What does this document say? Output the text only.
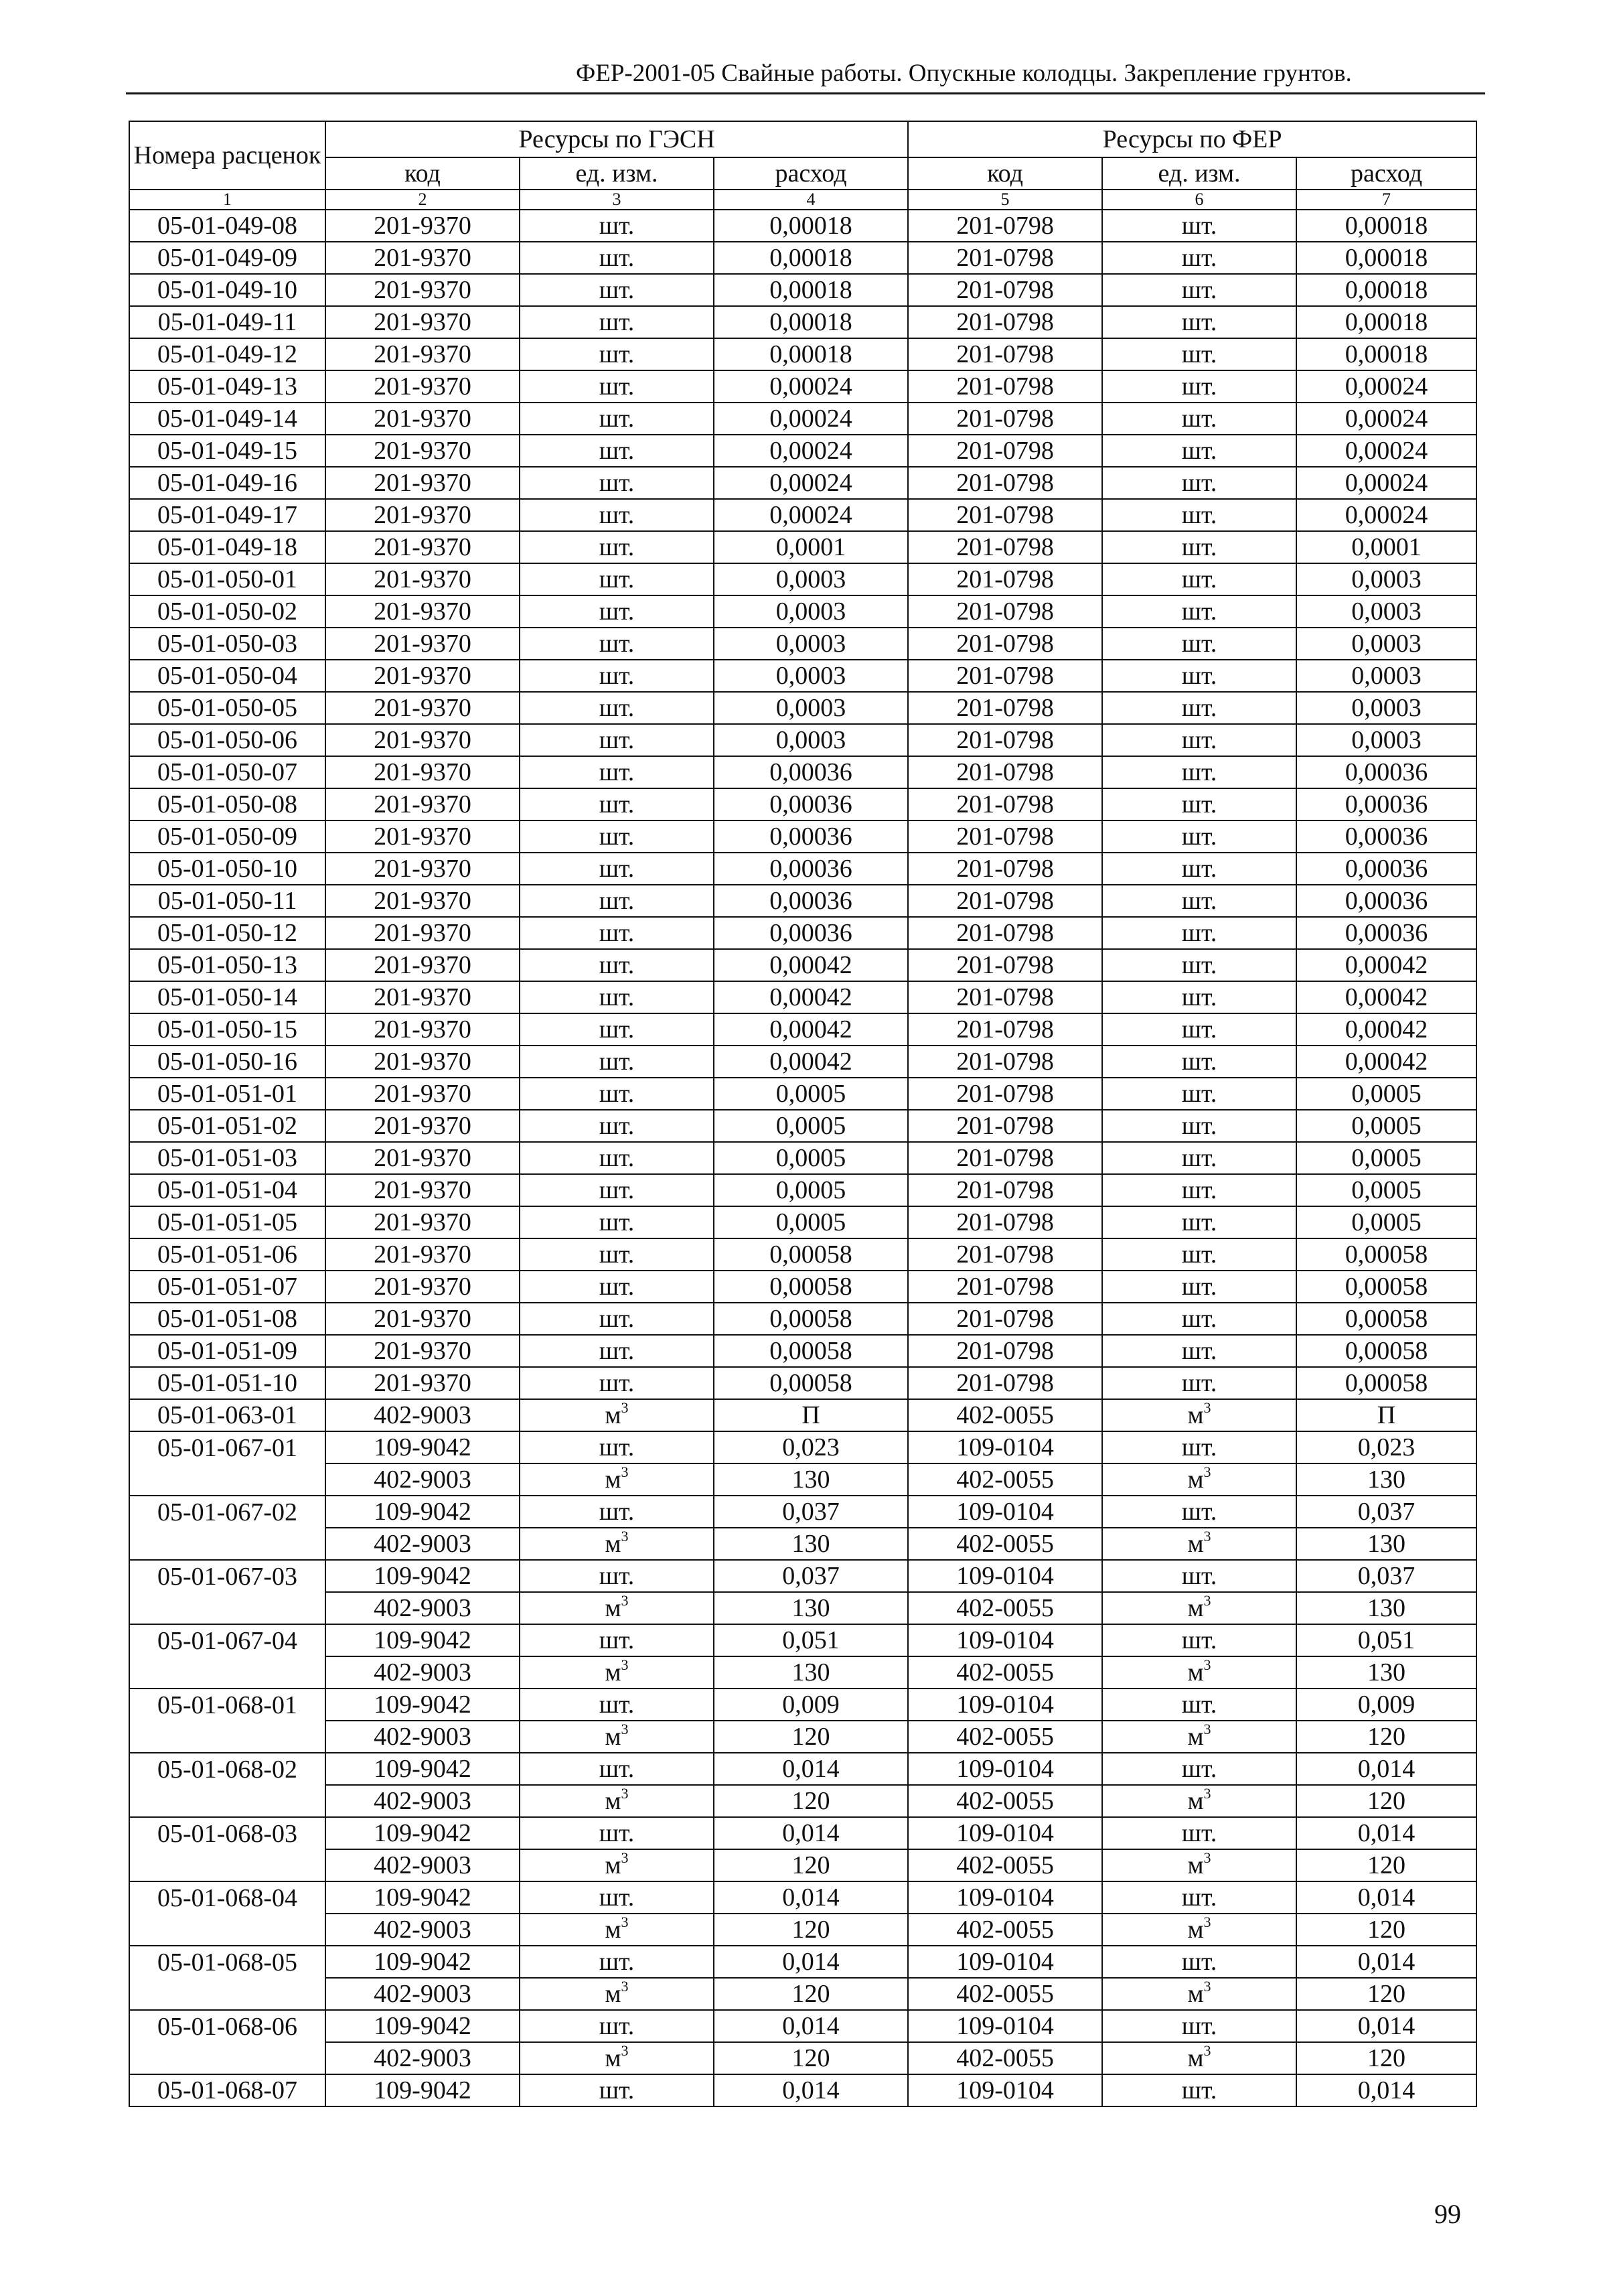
ФЕР-2001-05 Свайные работы. Опускные колодцы. Закрепление грунтов.
Номера расценок	Ресурсы по ГЭСН			Ресурсы по ФЕР		
	код	ед. изм.	расход	код	ед. изм.	расход
1	2	3	4	5	6	7
05-01-049-08	201-9370	шт.	0,00018	201-0798	шт.	0,00018
05-01-049-09	201-9370	шт.	0,00018	201-0798	шт.	0,00018
05-01-049-10	201-9370	шт.	0,00018	201-0798	шт.	0,00018
05-01-049-11	201-9370	шт.	0,00018	201-0798	шт.	0,00018
05-01-049-12	201-9370	шт.	0,00018	201-0798	шт.	0,00018
05-01-049-13	201-9370	шт.	0,00024	201-0798	шт.	0,00024
05-01-049-14	201-9370	шт.	0,00024	201-0798	шт.	0,00024
05-01-049-15	201-9370	шт.	0,00024	201-0798	шт.	0,00024
05-01-049-16	201-9370	шт.	0,00024	201-0798	шт.	0,00024
05-01-049-17	201-9370	шт.	0,00024	201-0798	шт.	0,00024
05-01-049-18	201-9370	шт.	0,0001	201-0798	шт.	0,0001
05-01-050-01	201-9370	шт.	0,0003	201-0798	шт.	0,0003
05-01-050-02	201-9370	шт.	0,0003	201-0798	шт.	0,0003
05-01-050-03	201-9370	шт.	0,0003	201-0798	шт.	0,0003
05-01-050-04	201-9370	шт.	0,0003	201-0798	шт.	0,0003
05-01-050-05	201-9370	шт.	0,0003	201-0798	шт.	0,0003
05-01-050-06	201-9370	шт.	0,0003	201-0798	шт.	0,0003
05-01-050-07	201-9370	шт.	0,00036	201-0798	шт.	0,00036
05-01-050-08	201-9370	шт.	0,00036	201-0798	шт.	0,00036
05-01-050-09	201-9370	шт.	0,00036	201-0798	шт.	0,00036
05-01-050-10	201-9370	шт.	0,00036	201-0798	шт.	0,00036
05-01-050-11	201-9370	шт.	0,00036	201-0798	шт.	0,00036
05-01-050-12	201-9370	шт.	0,00036	201-0798	шт.	0,00036
05-01-050-13	201-9370	шт.	0,00042	201-0798	шт.	0,00042
05-01-050-14	201-9370	шт.	0,00042	201-0798	шт.	0,00042
05-01-050-15	201-9370	шт.	0,00042	201-0798	шт.	0,00042
05-01-050-16	201-9370	шт.	0,00042	201-0798	шт.	0,00042
05-01-051-01	201-9370	шт.	0,0005	201-0798	шт.	0,0005
05-01-051-02	201-9370	шт.	0,0005	201-0798	шт.	0,0005
05-01-051-03	201-9370	шт.	0,0005	201-0798	шт.	0,0005
05-01-051-04	201-9370	шт.	0,0005	201-0798	шт.	0,0005
05-01-051-05	201-9370	шт.	0,0005	201-0798	шт.	0,0005
05-01-051-06	201-9370	шт.	0,00058	201-0798	шт.	0,00058
05-01-051-07	201-9370	шт.	0,00058	201-0798	шт.	0,00058
05-01-051-08	201-9370	шт.	0,00058	201-0798	шт.	0,00058
05-01-051-09	201-9370	шт.	0,00058	201-0798	шт.	0,00058
05-01-051-10	201-9370	шт.	0,00058	201-0798	шт.	0,00058
05-01-063-01	402-9003	$м^3$	П	402-0055	$м^3$	П
05-01-067-01	109-9042	шт.	0,023	109-0104	шт.	0,023
	402-9003	$м^3$	130	402-0055	$м^3$	130
05-01-067-02	109-9042	шт.	0,037	109-0104	шт.	0,037
	402-9003	$м^3$	130	402-0055	$м^3$	130
05-01-067-03	109-9042	шт.	0,037	109-0104	шт.	0,037
	402-9003	$м^3$	130	402-0055	$м^3$	130
05-01-067-04	109-9042	шт.	0,051	109-0104	шт.	0,051
	402-9003	$м^3$	130	402-0055	$м^3$	130
05-01-068-01	109-9042	шт.	0,009	109-0104	шт.	0,009
	402-9003	$м^3$	120	402-0055	$м^3$	120
05-01-068-02	109-9042	шт.	0,014	109-0104	шт.	0,014
	402-9003	$м^3$	120	402-0055	$м^3$	120
05-01-068-03	109-9042	шт.	0,014	109-0104	шт.	0,014
	402-9003	$м^3$	120	402-0055	$м^3$	120
05-01-068-04	109-9042	шт.	0,014	109-0104	шт.	0,014
	402-9003	$м^3$	120	402-0055	$м^3$	120
05-01-068-05	109-9042	шт.	0,014	109-0104	шт.	0,014
	402-9003	$м^3$	120	402-0055	$м^3$	120
05-01-068-06	109-9042	шт.	0,014	109-0104	шт.	0,014
	402-9003	$м^3$	120	402-0055	$м^3$	120
05-01-068-07	109-9042	шт.	0,014	109-0104	шт.	0,014
99
